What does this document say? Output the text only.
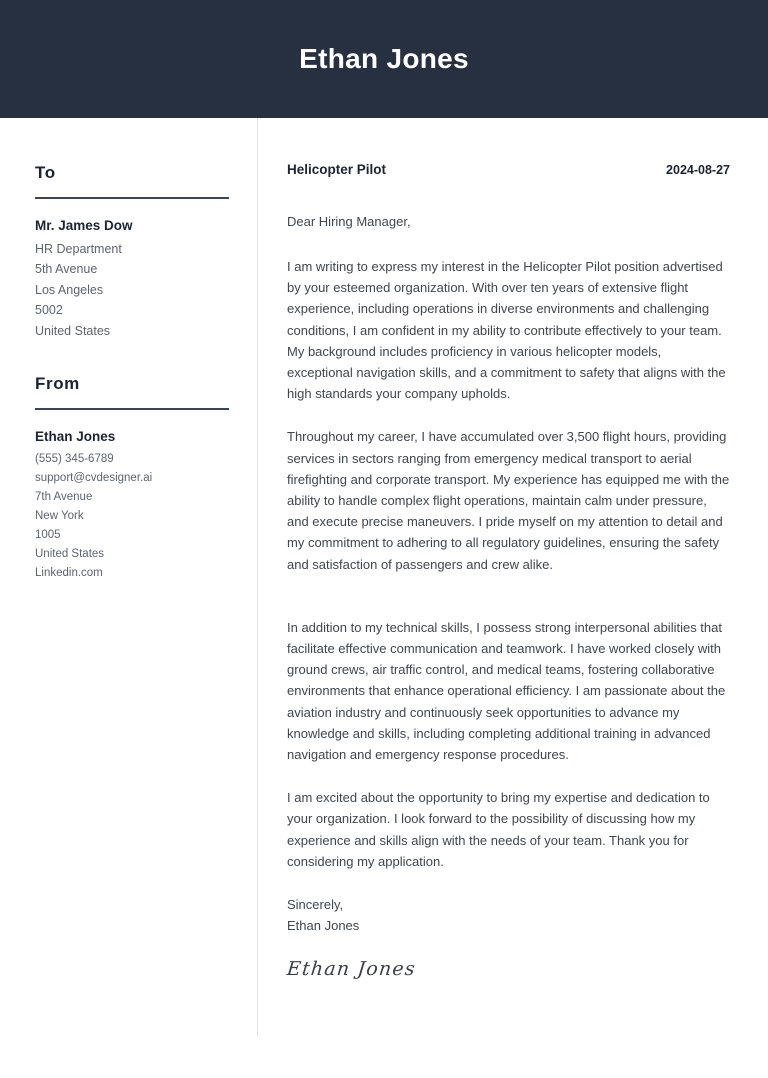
Ethan Jones
To
Mr. James Dow
HR Department
5th Avenue
Los Angeles
5002
United States
From
Ethan Jones
(555) 345-6789
support@cvdesigner.ai
7th Avenue
New York
1005
United States
Linkedin.com
Helicopter Pilot	2024-08-27
Dear Hiring Manager,

I am writing to express my interest in the Helicopter Pilot position advertised by your esteemed organization. With over ten years of extensive flight experience, including operations in diverse environments and challenging conditions, I am confident in my ability to contribute effectively to your team. My background includes proficiency in various helicopter models, exceptional navigation skills, and a commitment to safety that aligns with the high standards your company upholds.

Throughout my career, I have accumulated over 3,500 flight hours, providing services in sectors ranging from emergency medical transport to aerial firefighting and corporate transport. My experience has equipped me with the ability to handle complex flight operations, maintain calm under pressure, and execute precise maneuvers. I pride myself on my attention to detail and my commitment to adhering to all regulatory guidelines, ensuring the safety and satisfaction of passengers and crew alike.

In addition to my technical skills, I possess strong interpersonal abilities that facilitate effective communication and teamwork. I have worked closely with ground crews, air traffic control, and medical teams, fostering collaborative environments that enhance operational efficiency. I am passionate about the aviation industry and continuously seek opportunities to advance my knowledge and skills, including completing additional training in advanced navigation and emergency response procedures.

I am excited about the opportunity to bring my expertise and dedication to your organization. I look forward to the possibility of discussing how my experience and skills align with the needs of your team. Thank you for considering my application.

Sincerely,
Ethan Jones
Ethan Jones
